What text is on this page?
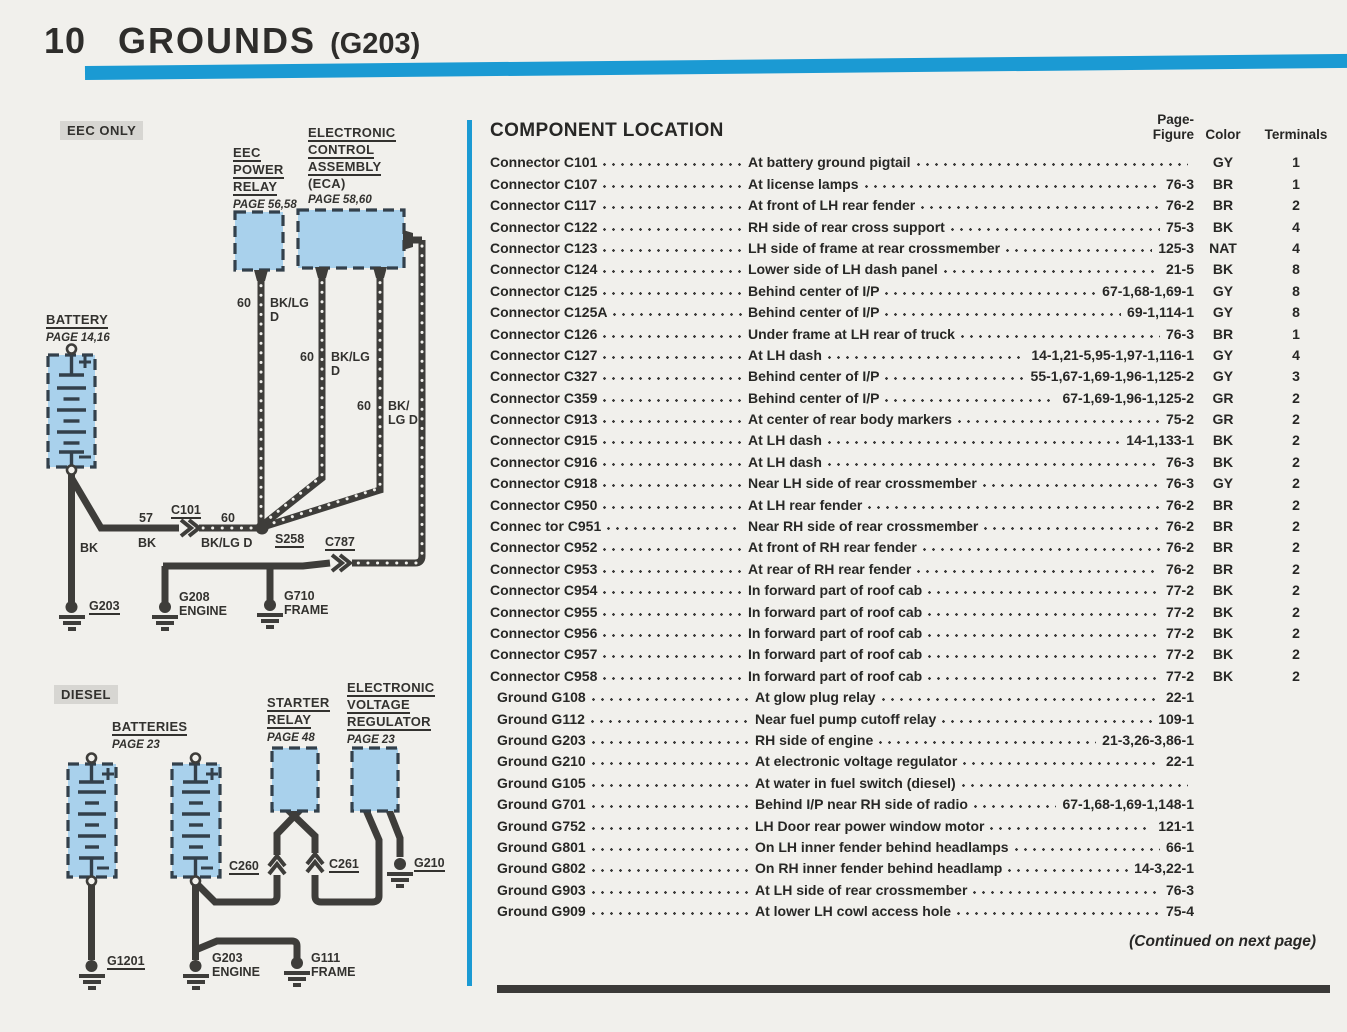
10 GROUNDS (G203)
EEC ONLY
EEC
POWER
RELAY
PAGE 56,58
ELECTRONIC
CONTROL
ASSEMBLY
(ECA)
PAGE 58,60
BATTERY
PAGE 14,16
60 BK/LG
D
60 BK/LG
D
60 BK/
LG D
BK
57
BK
C101
60
BK/LG D S258 C787
G203
G208
ENGINE
G710
FRAME
DIESEL
BATTERIES
PAGE 23
STARTER
RELAY
PAGE 48
ELECTRONIC
VOLTAGE
REGULATOR
PAGE 23
C260	C261	G210
G1201	G203
ENGINE
G111
FRAME
COMPONENT LOCATION
Page-
Figure Color	Terminals
Connector C101	At battery ground pigtail	GY	1
Connector C107	At license lamps	76-3	BR	1
Connector C117	At front of LH rear fender	76-2	BR	2
Connector C122	RH side of rear cross support	75-3	BK	4
Connector C123	LH side of frame at rear crossmember	125-3	NAT	4
Connector C124	Lower side of LH dash panel	21-5	BK	8
Connector C125	Behind center of I/P	67-1,68-1,69-1	GY	8
Connector C125A	Behind center of I/P	69-1,114-1	GY	8
Connector C126	Under frame at LH rear of truck	76-3	BR	1
Connector C127	At LH dash	14-1,21-5,95-1,97-1,116-1	GY	4
Connector C327	Behind center of I/P	55-1,67-1,69-1,96-1,125-2	GY	3
Connector C359	Behind center of I/P	67-1,69-1,96-1,125-2	GR	2
Connector C913	At center of rear body markers	75-2	GR	2
Connector C915	At LH dash	14-1,133-1	BK	2
Connector C916	At LH dash	76-3	BK	2
Connector C918	Near LH side of rear crossmember	76-3	GY	2
Connector C950	At LH rear fender	76-2	BR	2
Connec tor C951	Near RH side of rear crossmember	76-2	BR	2
Connector C952	At front of RH rear fender	76-2	BR	2
Connector C953	At rear of RH rear fender	76-2	BR	2
Connector C954	In forward part of roof cab	77-2	BK	2
Connector C955	In forward part of roof cab	77-2	BK	2
Connector C956	In forward part of roof cab	77-2	BK	2
Connector C957	In forward part of roof cab	77-2	BK	2
Connector C958	In forward part of roof cab	77-2	BK	2
Ground G108	At glow plug relay	22-1
Ground G112	Near fuel pump cutoff relay	109-1
Ground G203	RH side of engine	21-3,26-3,86-1
Ground G210	At electronic voltage regulator	22-1
Ground G105	At water in fuel switch (diesel)
Ground G701	Behind I/P near RH side of radio	67-1,68-1,69-1,148-1
Ground G752	LH Door rear power window motor	121-1
Ground G801	On LH inner fender behind headlamps	66-1
Ground G802	On RH inner fender behind headlamp	14-3,22-1
Ground G903	At LH side of rear crossmember	76-3
Ground G909	At lower LH cowl access hole	75-4
(Continued on next page)
